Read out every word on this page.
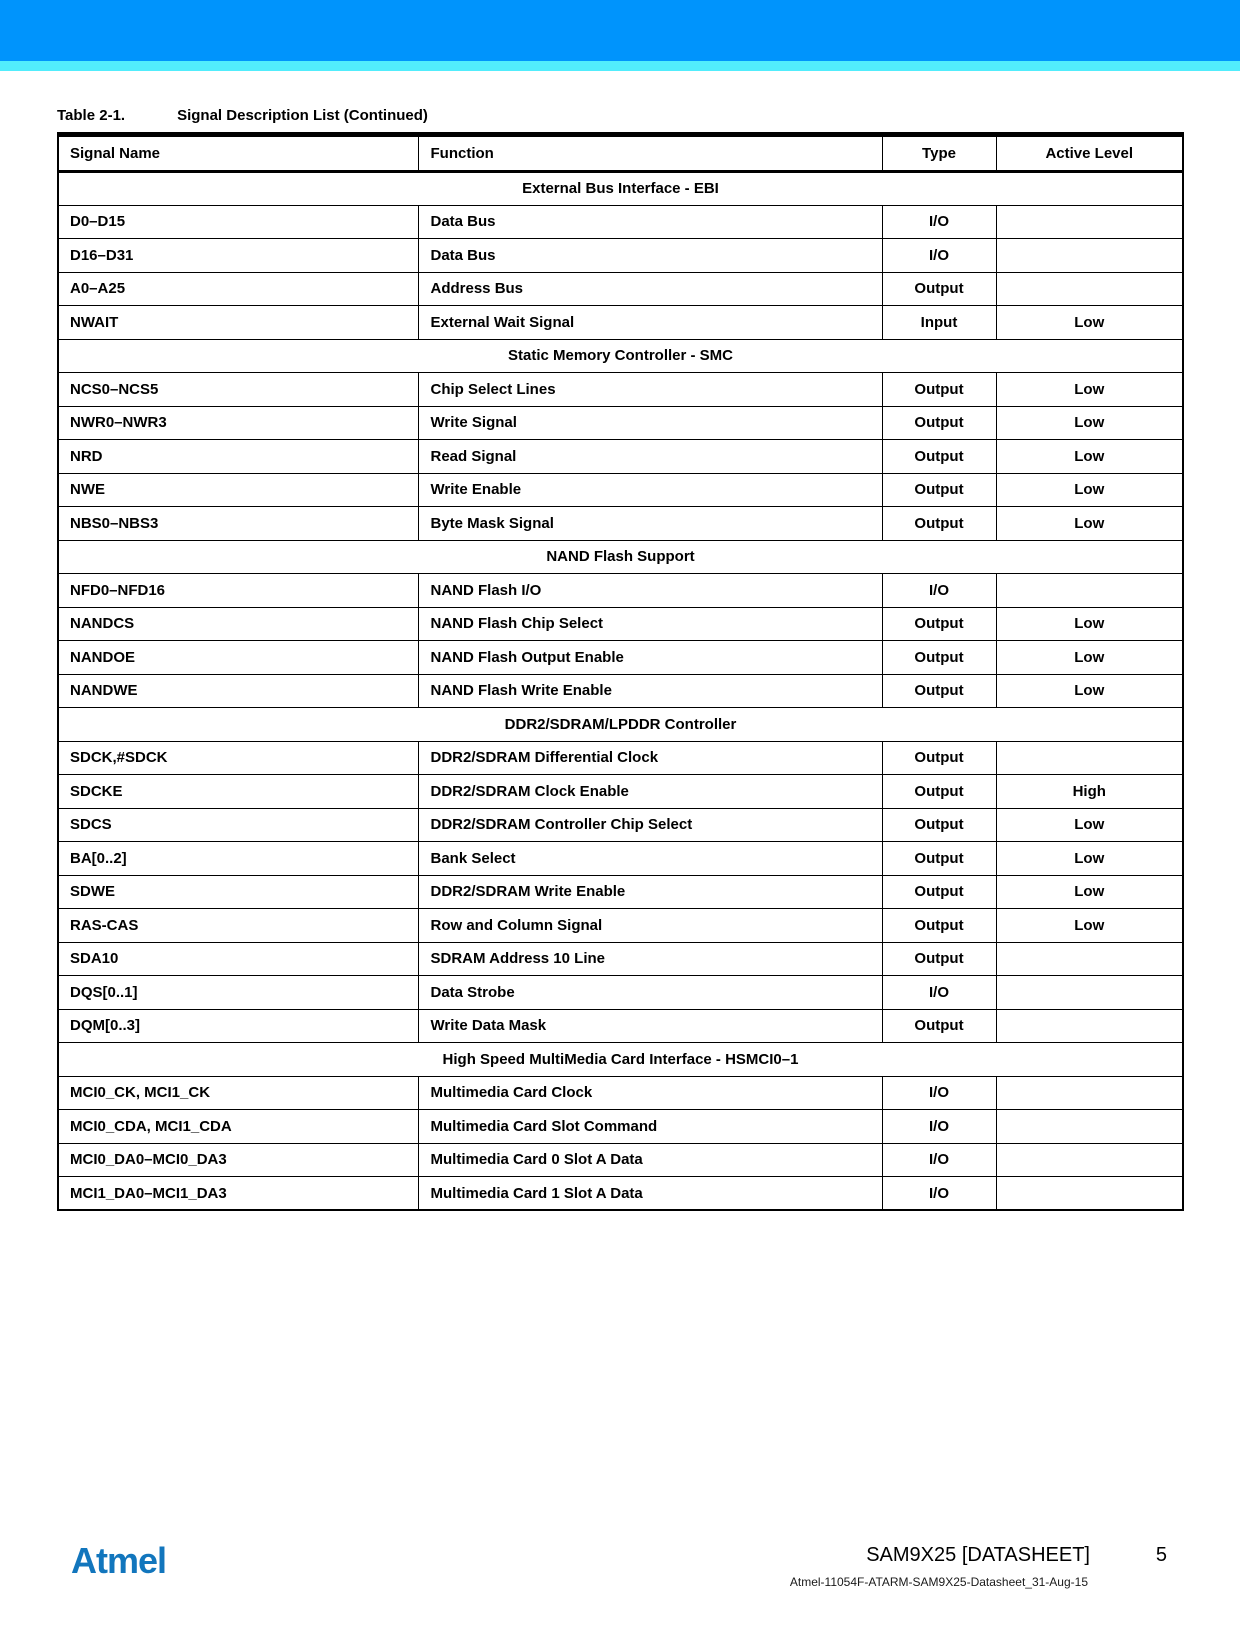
Table 2-1.	Signal Description List (Continued)
Signal Name	Function	Type	Active Level
External Bus Interface - EBI			
D0–D15	Data Bus	I/O	
D16–D31	Data Bus	I/O	
A0–A25	Address Bus	Output	
NWAIT	External Wait Signal	Input	Low
Static Memory Controller - SMC			
NCS0–NCS5	Chip Select Lines	Output	Low
NWR0–NWR3	Write Signal	Output	Low
NRD	Read Signal	Output	Low
NWE	Write Enable	Output	Low
NBS0–NBS3	Byte Mask Signal	Output	Low
NAND Flash Support			
NFD0–NFD16	NAND Flash I/O	I/O	
NANDCS	NAND Flash Chip Select	Output	Low
NANDOE	NAND Flash Output Enable	Output	Low
NANDWE	NAND Flash Write Enable	Output	Low
DDR2/SDRAM/LPDDR Controller			
SDCK,#SDCK	DDR2/SDRAM Differential Clock	Output	
SDCKE	DDR2/SDRAM Clock Enable	Output	High
SDCS	DDR2/SDRAM Controller Chip Select	Output	Low
BA[0..2]	Bank Select	Output	Low
SDWE	DDR2/SDRAM Write Enable	Output	Low
RAS-CAS	Row and Column Signal	Output	Low
SDA10	SDRAM Address 10 Line	Output	
DQS[0..1]	Data Strobe	I/O	
DQM[0..3]	Write Data Mask	Output	
High Speed MultiMedia Card Interface - HSMCI0–1			
MCI0_CK, MCI1_CK	Multimedia Card Clock	I/O	
MCI0_CDA, MCI1_CDA	Multimedia Card Slot Command	I/O	
MCI0_DA0–MCI0_DA3	Multimedia Card 0 Slot A Data	I/O	
MCI1_DA0–MCI1_DA3	Multimedia Card 1 Slot A Data	I/O	
Atmel	SAM9X25 [DATASHEET]	5
Atmel-11054F-ATARM-SAM9X25-Datasheet_31-Aug-15
